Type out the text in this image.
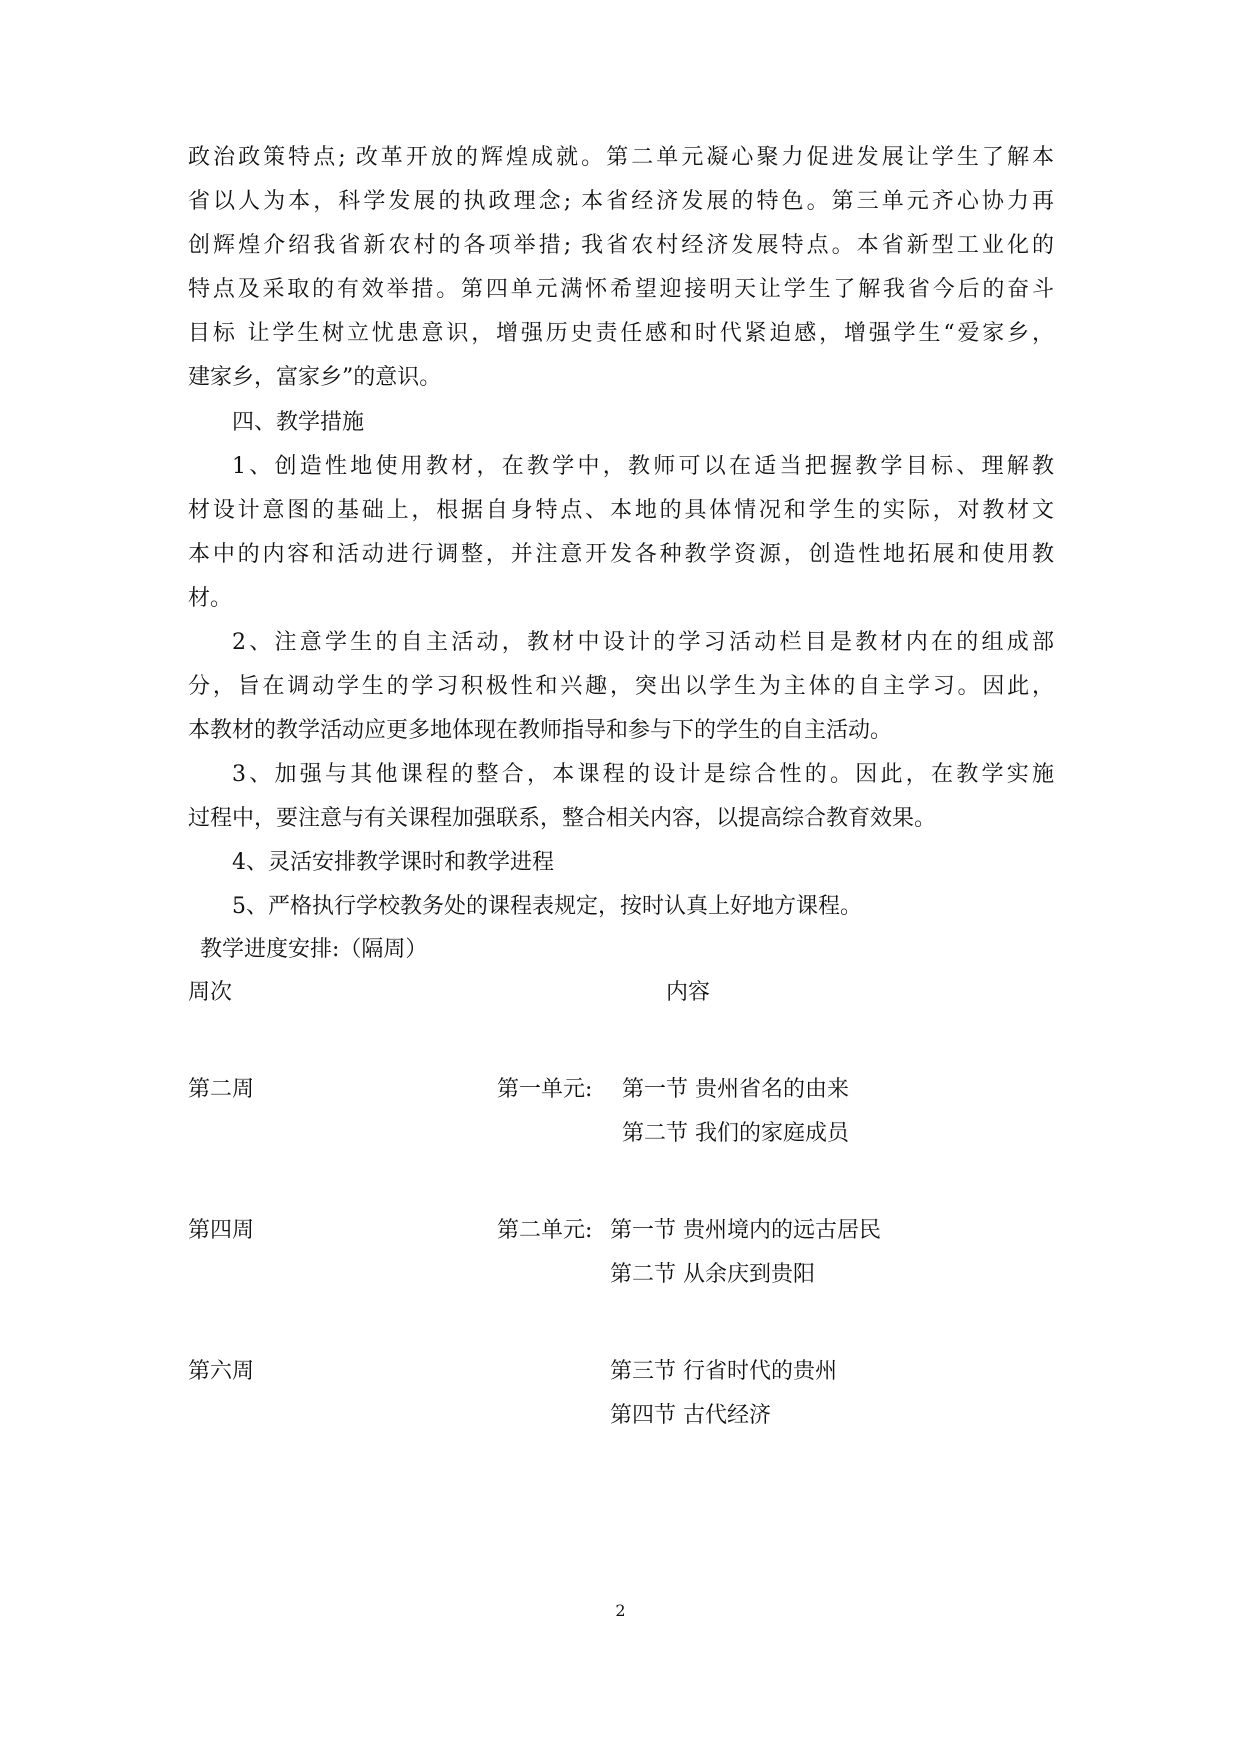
政治政策特点; 改革开放的辉煌成就。第二单元凝心聚力促进发展让学生了解本
省以人为本，科学发展的执政理念; 本省经济发展的特色。第三单元齐心协力再
创辉煌介绍我省新农村的各项举措; 我省农村经济发展特点。本省新型工业化的
特点及采取的有效举措。第四单元满怀希望迎接明天让学生了解我省今后的奋斗
目标 让学生树立忧患意识，增强历史责任感和时代紧迫感，增强学生“爱家乡，
建家乡，富家乡”的意识。
四、教学措施
1、创造性地使用教材，在教学中，教师可以在适当把握教学目标、理解教
材设计意图的基础上，根据自身特点、本地的具体情况和学生的实际，对教材文
本中的内容和活动进行调整，并注意开发各种教学资源，创造性地拓展和使用教
材。
2、注意学生的自主活动，教材中设计的学习活动栏目是教材内在的组成部
分，旨在调动学生的学习积极性和兴趣，突出以学生为主体的自主学习。因此，
本教材的教学活动应更多地体现在教师指导和参与下的学生的自主活动。
3、加强与其他课程的整合，本课程的设计是综合性的。因此，在教学实施
过程中，要注意与有关课程加强联系，整合相关内容，以提高综合教育效果。
4、灵活安排教学课时和教学进程
5、严格执行学校教务处的课程表规定，按时认真上好地方课程。
教学进度安排:（隔周）
周次	内容
第二周	第一单元: 第一节 贵州省名的由来
第二节 我们的家庭成员
第四周	第二单元: 第一节 贵州境内的远古居民
第二节 从余庆到贵阳
第六周	第三节 行省时代的贵州
第四节 古代经济
2
